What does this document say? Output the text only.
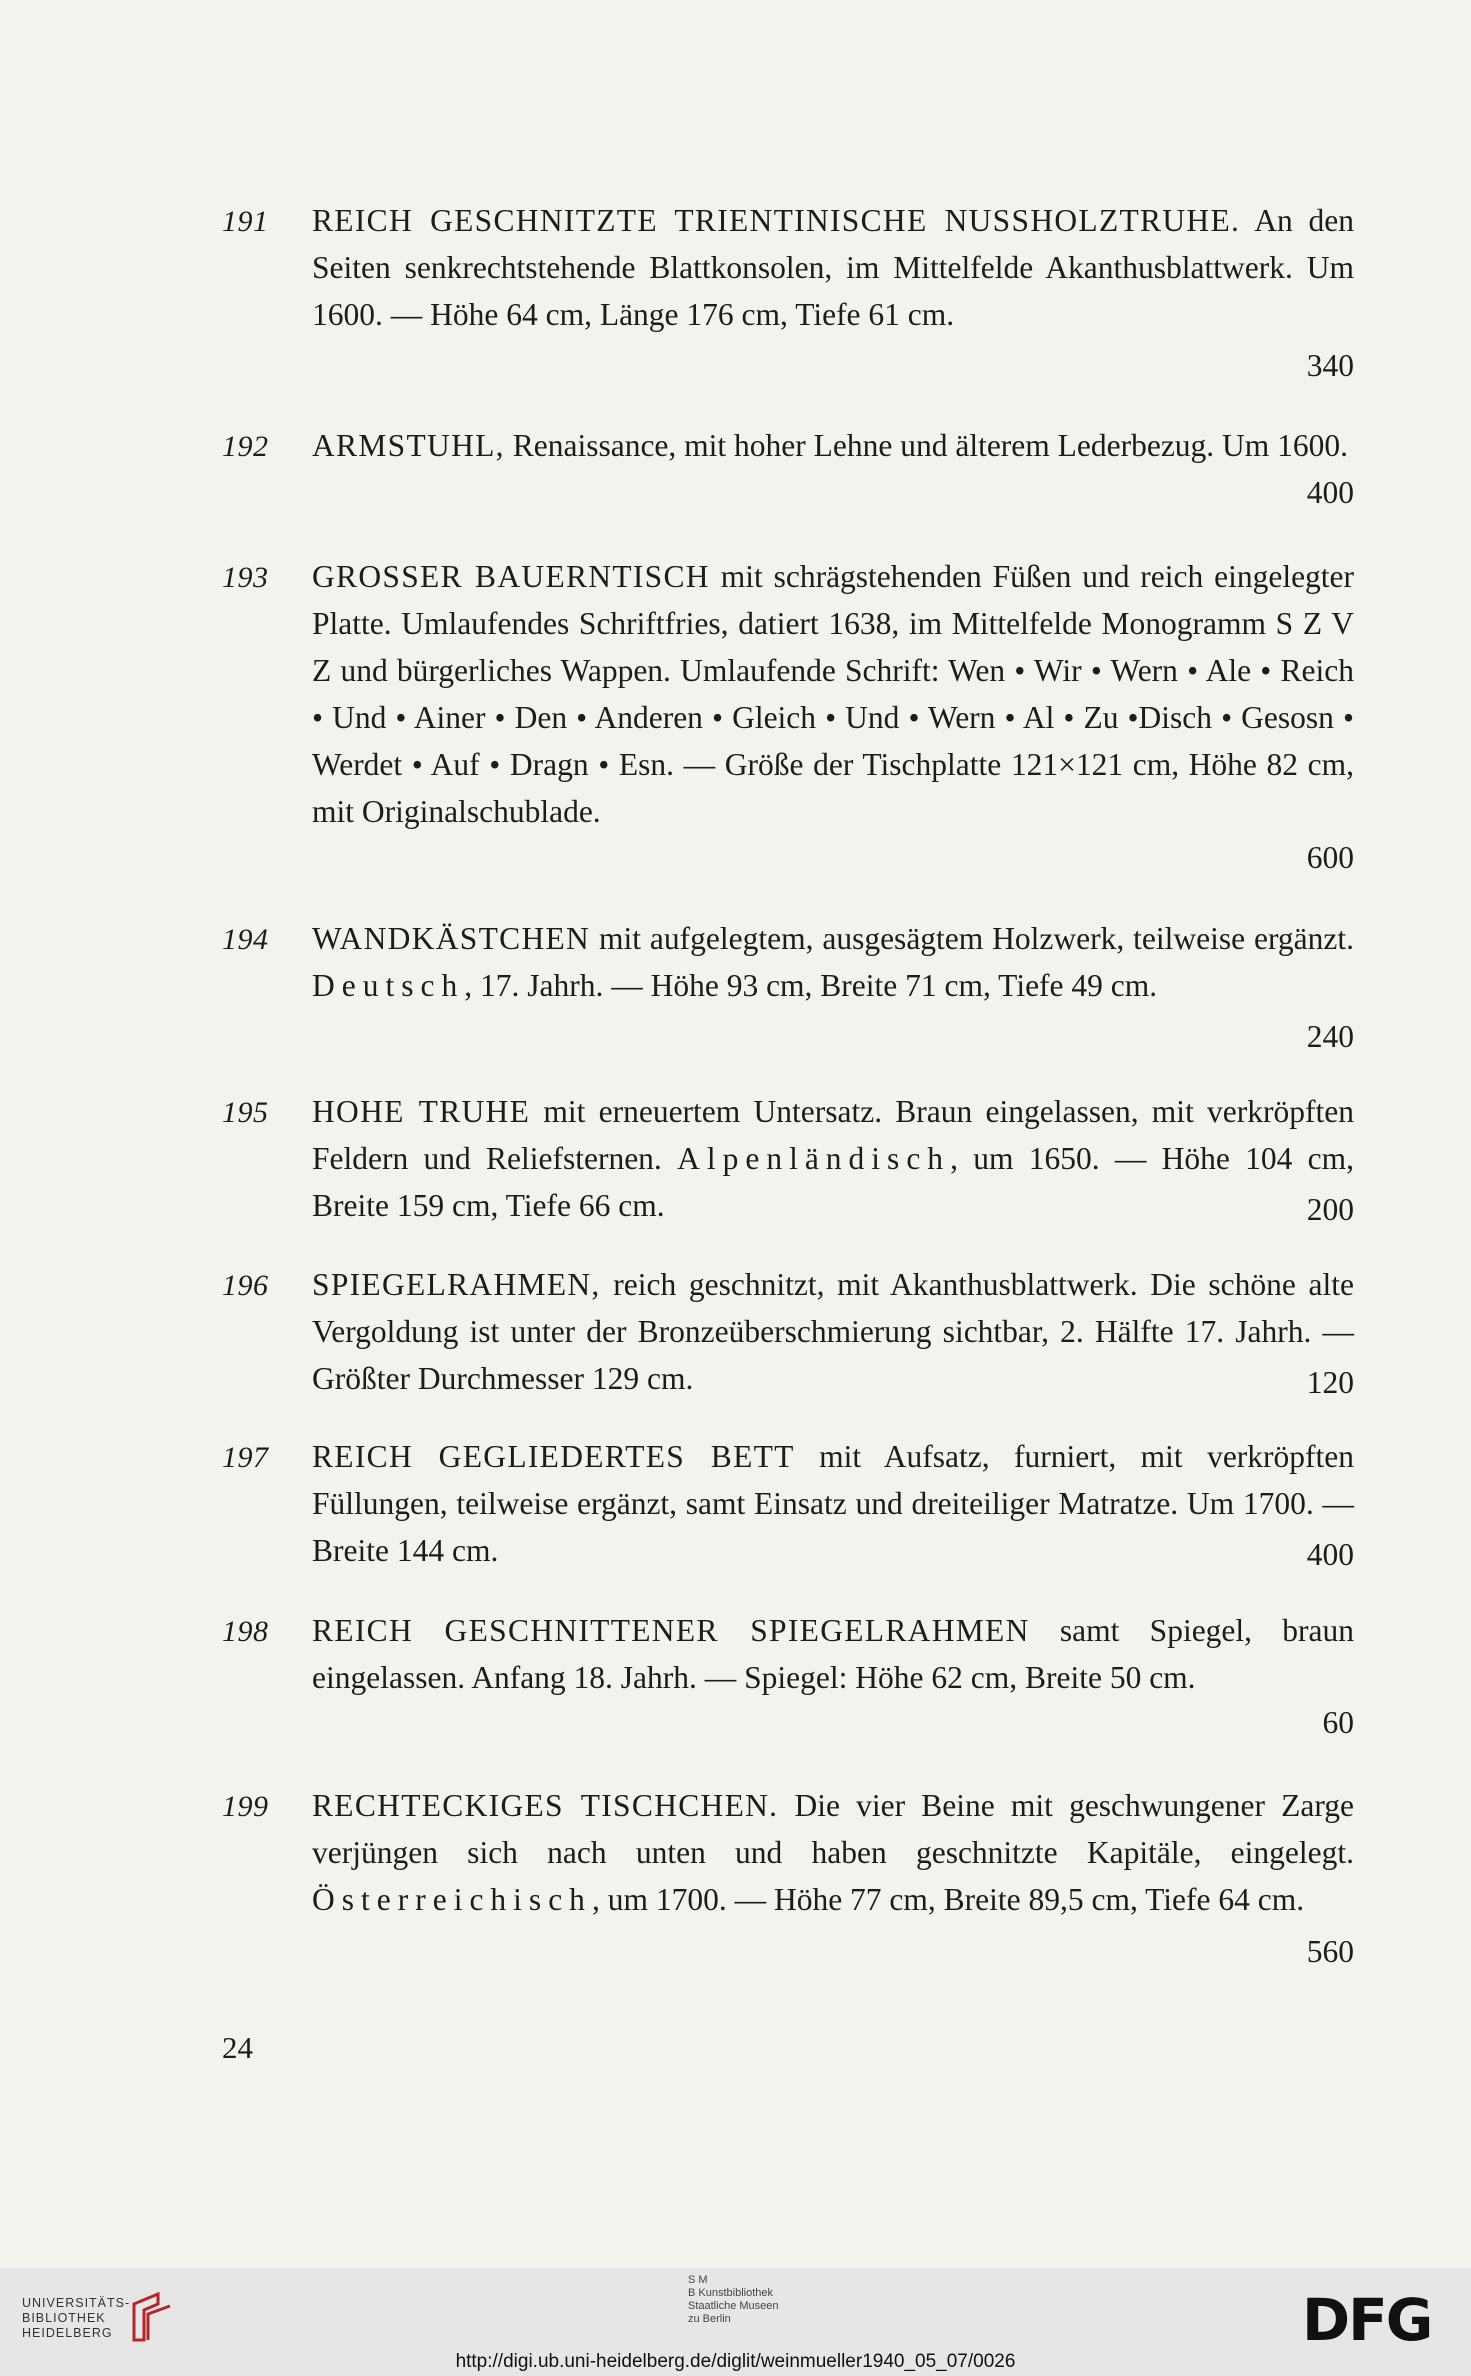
191 REICH GESCHNITZTE TRIENTINISCHE NUSSHOLZTRUHE. An den Seiten senkrechtstehende Blattkonsolen, im Mittelfelde Akanthusblattwerk. Um 1600. — Höhe 64 cm, Länge 176 cm, Tiefe 61 cm.
340
192 ARMSTUHL, Renaissance, mit hoher Lehne und älterem Lederbezug. Um 1600.
400
193 GROSSER BAUERNTISCH mit schrägstehenden Füßen und reich eingelegter Platte. Umlaufendes Schriftfries, datiert 1638, im Mittelfelde Monogramm S Z V Z und bürgerliches Wappen. Umlaufende Schrift: Wen • Wir • Wern • Ale • Reich • Und • Ainer • Den • Anderen • Gleich • Und • Wern • Al • Zu •Disch • Gesosn • Werdet • Auf • Dragn • Esn. — Größe der Tischplatte 121×121 cm, Höhe 82 cm, mit Originalschublade.
600
194 WANDKÄSTCHEN mit aufgelegtem, ausgesägtem Holzwerk, teilweise ergänzt. Deutsch, 17. Jahrh. — Höhe 93 cm, Breite 71 cm, Tiefe 49 cm.
240
195 HOHE TRUHE mit erneuertem Untersatz. Braun eingelassen, mit verkröpften Feldern und Reliefsternen. Alpenländisch, um 1650. — Höhe 104 cm, Breite 159 cm, Tiefe 66 cm.	200
196 SPIEGELRAHMEN, reich geschnitzt, mit Akanthusblattwerk. Die schöne alte Vergoldung ist unter der Bronzeüberschmierung sichtbar, 2. Hälfte 17. Jahrh. — Größter Durchmesser 129 cm.	120
197 REICH GEGLIEDERTES BETT mit Aufsatz, furniert, mit verkröpften Füllungen, teilweise ergänzt, samt Einsatz und dreiteiliger Matratze. Um 1700. — Breite 144 cm.	400
198 REICH GESCHNITTENER SPIEGELRAHMEN samt Spiegel, braun eingelassen. Anfang 18. Jahrh. — Spiegel: Höhe 62 cm, Breite 50 cm.
60
199 RECHTECKIGES TISCHCHEN. Die vier Beine mit geschwungener Zarge verjüngen sich nach unten und haben geschnitzte Kapitäle, eingelegt. Österreichisch, um 1700. — Höhe 77 cm, Breite 89,5 cm, Tiefe 64 cm.
560
24
UNIVERSITÄTS-
BIBLIOTHEK
HEIDELBERG
S M
B Kunstbibliothek
Staatliche Museen
zu Berlin	DFG
http://digi.ub.uni-heidelberg.de/diglit/weinmueller1940_05_07/0026
